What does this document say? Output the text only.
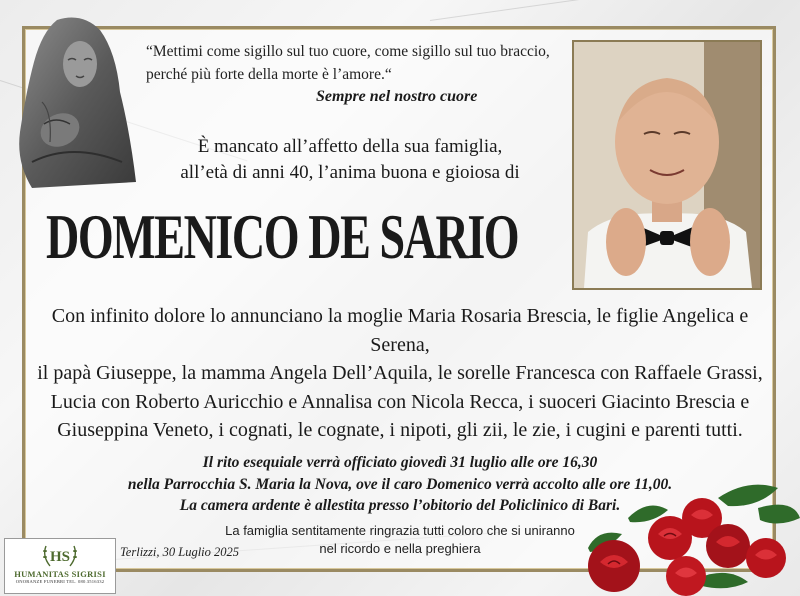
“Mettimi come sigillo sul tuo cuore, come sigillo sul tuo braccio,
perché più forte della morte è l’amore.“
Sempre nel nostro cuore
È mancato all’affetto della sua famiglia,
all’età di anni 40, l’anima buona e gioiosa di
DOMENICO DE SARIO
Con infinito dolore lo annunciano la moglie Maria Rosaria Brescia, le figlie Angelica e Serena,
il papà Giuseppe, la mamma Angela Dell’Aquila, le sorelle Francesca con Raffaele Grassi,
Lucia con Roberto Auricchio e Annalisa con Nicola Recca, i suoceri Giacinto Brescia e
Giuseppina Veneto, i cognati, le cognate, i nipoti, gli zii, le zie, i cugini e parenti tutti.
Il rito esequiale verrà officiato giovedì 31 luglio alle ore 16,30
nella Parrocchia S. Maria la Nova, ove il caro Domenico verrà accolto alle ore 11,00.
La camera ardente è allestita presso l’obitorio del Policlinico di Bari.
La famiglia sentitamente ringrazia tutti coloro che si uniranno
nel ricordo e nella preghiera
Terlizzi, 30 Luglio 2025
HS
HUMANITAS SIGRISI
ONORANZE FUNEBRI TEL. 080.3516332
